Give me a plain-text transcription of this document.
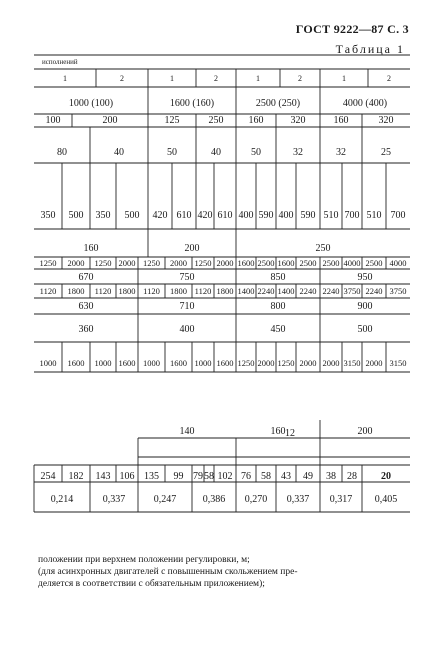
ГОСТ 9222—87 С. 3
Таблица 1
исполнений
1	2	1	2	1	2	1	2
1000 (100)	1600 (160)	2500 (250)	4000 (400)
100	200	125	250	160	320	160	320
80	40	50	40	50	32	32	25
350 500 350 500 420 610 420 610 400 590 400 590 510 700 510 700
160	200	250
1250 2000 1250 2000 1250 2000 1250 2000 1600 2500 1600 2500 2500 4000 2500 4000
670	750	850	950
1120 1800 1120 1800 1120 1800 1120 1800 1400 2240 1400 2240 2240 3750 2240 3750
630	710	800	900
360	400	450	500
1000 1600 1000 1600 1000 1600 1000 1600 1250 2000 1250 2000 2000 3150 2000 3150
12
140	160	200
254 182 143 106 135 99 79 58 102 76 58 43 49 38 28 20
0,214	0,337	0,247	0,386 0,270 0,337 0,317 0,405
положении при верхнем положении регулировки, м;
(для асинхронных двигателей с повышенным скольжением пре-
деляется в соответствии с обязательным приложением);
